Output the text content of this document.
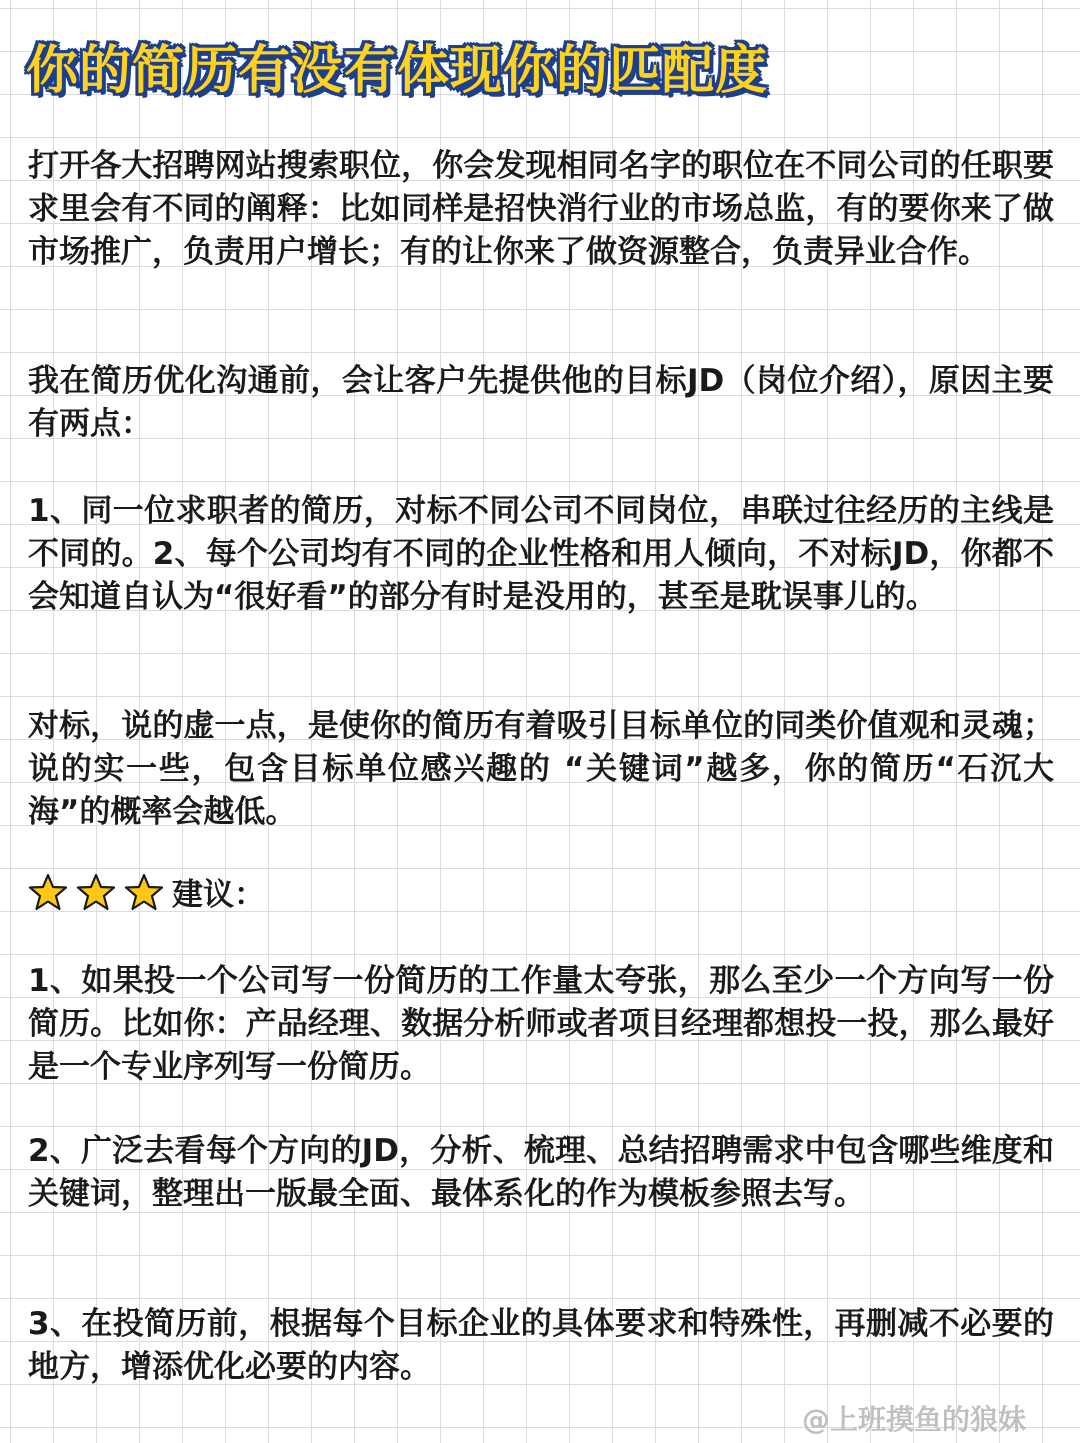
你的简历有没有体现你的匹配度
打开各大招聘网站搜索职位，你会发现相同名字的职位在不同公司的任职要求里会有不同的阐释：比如同样是招快消行业的市场总监，有的要你来了做市场推广，负责用户增长；有的让你来了做资源整合，负责异业合作。
我在简历优化沟通前，会让客户先提供他的目标JD（岗位介绍），原因主要有两点：
1、同一位求职者的简历，对标不同公司不同岗位，串联过往经历的主线是不同的。2、每个公司均有不同的企业性格和用人倾向，不对标JD，你都不会知道自认为“很好看”的部分有时是没用的，甚至是耽误事儿的。
对标，说的虚一点，是使你的简历有着吸引目标单位的同类价值观和灵魂；说的实一些，包含目标单位感兴趣的 “关键词”越多，你的简历“石沉大海”的概率会越低。
建议：
1、如果投一个公司写一份简历的工作量太夸张，那么至少一个方向写一份简历。比如你：产品经理、数据分析师或者项目经理都想投一投，那么最好是一个专业序列写一份简历。
2、广泛去看每个方向的JD，分析、梳理、总结招聘需求中包含哪些维度和关键词，整理出一版最全面、最体系化的作为模板参照去写。
3、在投简历前，根据每个目标企业的具体要求和特殊性，再删减不必要的地方，增添优化必要的内容。
@上班摸鱼的狼妹
